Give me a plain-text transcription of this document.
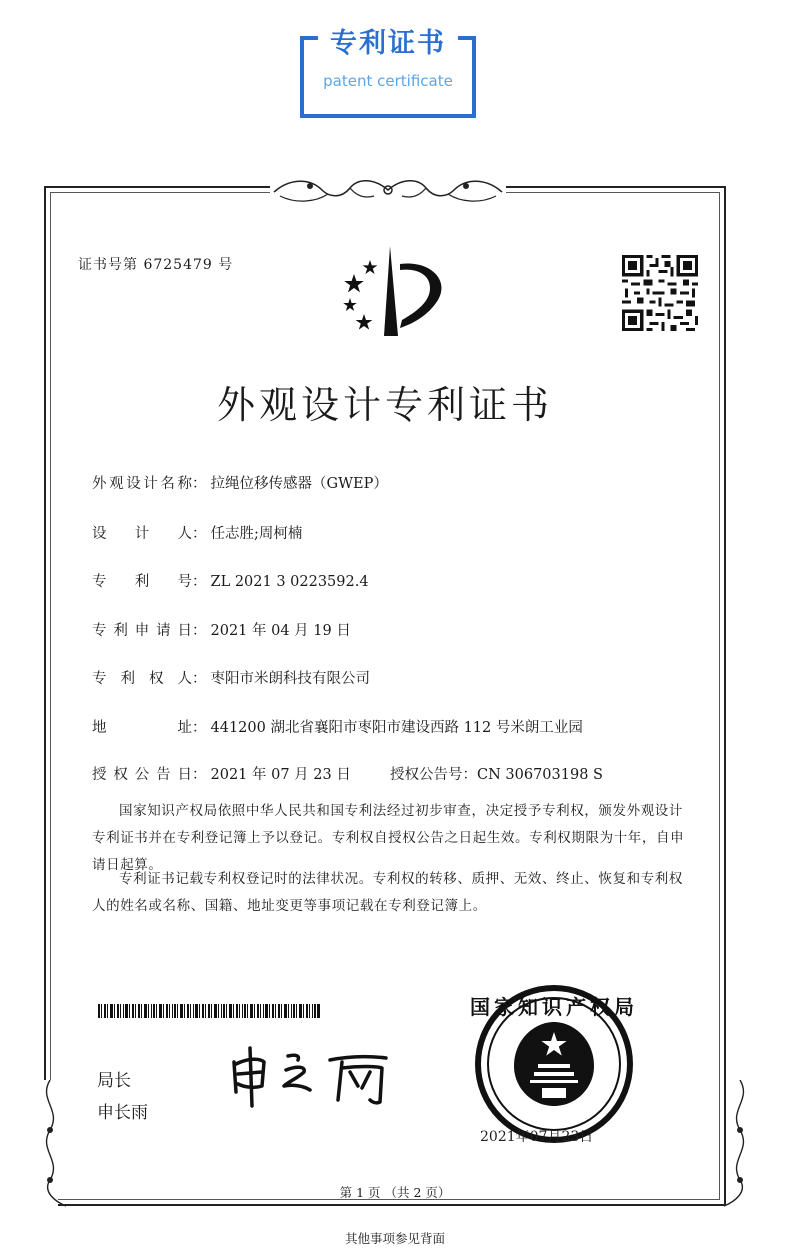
专利证书
patent certificate
证书号第 6725479 号
外观设计专利证书
外观设计名称： 拉绳位移传感器（GWEP）
设计人： 任志胜;周柯楠
专利号： ZL 2021 3 0223592.4
专利申请日： 2021 年 04 月 19 日
专利权人： 枣阳市米朗科技有限公司
地址： 441200 湖北省襄阳市枣阳市建设西路 112 号米朗工业园
授权公告日： 2021 年 07 月 23 日	授权公告号：CN 306703198 S
国家知识产权局依照中华人民共和国专利法经过初步审查，决定授予专利权，颁发外观设计专利证书并在专利登记簿上予以登记。专利权自授权公告之日起生效。专利权期限为十年，自申请日起算。
专利证书记载专利权登记时的法律状况。专利权的转移、质押、无效、终止、恢复和专利权人的姓名或名称、国籍、地址变更等事项记载在专利登记簿上。
局长
申长雨
国家知识产权局
2021年07月23日
第 1 页 （共 2 页）
其他事项参见背面
